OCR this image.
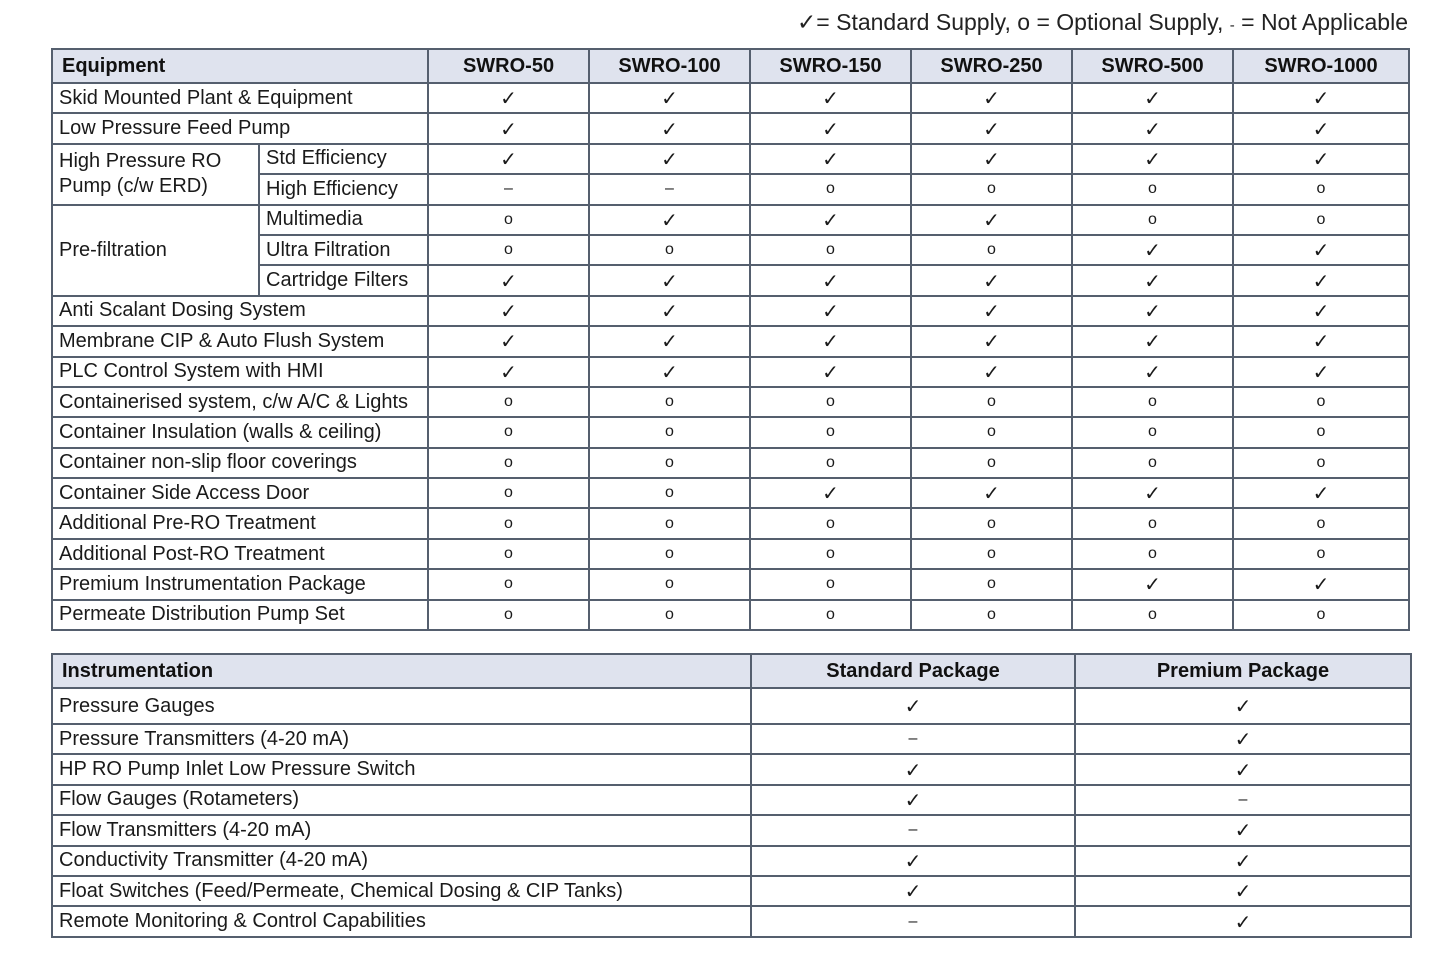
✓= Standard Supply, o = Optional Supply, - = Not Applicable
Equipment		SWRO-50	SWRO-100	SWRO-150	SWRO-250	SWRO-500	SWRO-1000
Skid Mounted Plant & Equipment		✓	✓	✓	✓	✓	✓
Low Pressure Feed Pump		✓	✓	✓	✓	✓	✓
High Pressure RO Pump (c/w ERD)	Std Efficiency	✓	✓	✓	✓	✓	✓
	High Efficiency	–	–	o	o	o	o
Pre-filtration	Multimedia	o	✓	✓	✓	o	o
	Ultra Filtration	o	o	o	o	✓	✓
	Cartridge Filters	✓	✓	✓	✓	✓	✓
Anti Scalant Dosing System		✓	✓	✓	✓	✓	✓
Membrane CIP & Auto Flush System		✓	✓	✓	✓	✓	✓
PLC Control System with HMI		✓	✓	✓	✓	✓	✓
Containerised system, c/w A/C & Lights		o	o	o	o	o	o
Container Insulation (walls & ceiling)		o	o	o	o	o	o
Container non-slip floor coverings		o	o	o	o	o	o
Container Side Access Door		o	o	✓	✓	✓	✓
Additional Pre-RO Treatment		o	o	o	o	o	o
Additional Post-RO Treatment		o	o	o	o	o	o
Premium Instrumentation Package		o	o	o	o	✓	✓
Permeate Distribution Pump Set		o	o	o	o	o	o
Instrumentation	Standard Package	Premium Package
Pressure Gauges	✓	✓
Pressure Transmitters (4-20 mA)	–	✓
HP RO Pump Inlet Low Pressure Switch	✓	✓
Flow Gauges (Rotameters)	✓	–
Flow Transmitters (4-20 mA)	–	✓
Conductivity Transmitter (4-20 mA)	✓	✓
Float Switches (Feed/Permeate, Chemical Dosing & CIP Tanks)	✓	✓
Remote Monitoring & Control Capabilities	–	✓
